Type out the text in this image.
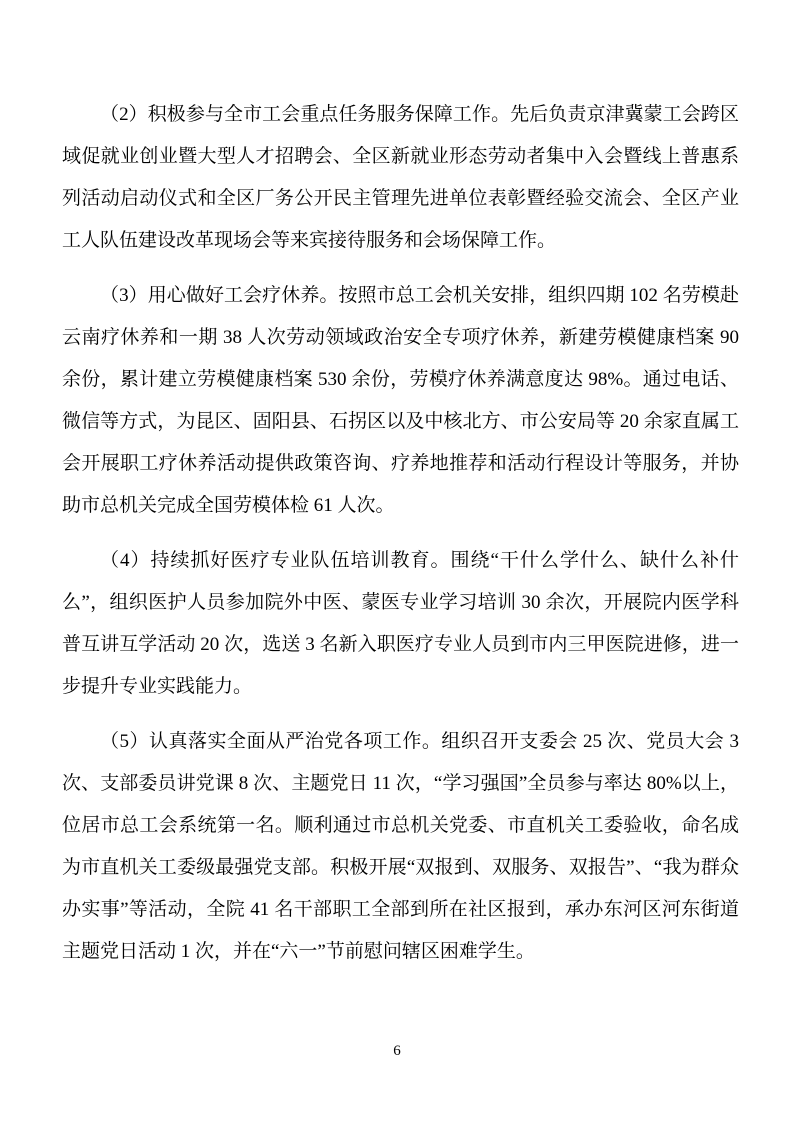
（2）积极参与全市工会重点任务服务保障工作。先后负责京津冀蒙工会跨区域促就业创业暨大型人才招聘会、全区新就业形态劳动者集中入会暨线上普惠系列活动启动仪式和全区厂务公开民主管理先进单位表彰暨经验交流会、全区产业工人队伍建设改革现场会等来宾接待服务和会场保障工作。

（3）用心做好工会疗休养。按照市总工会机关安排，组织四期 102 名劳模赴云南疗休养和一期 38 人次劳动领域政治安全专项疗休养，新建劳模健康档案 90 余份，累计建立劳模健康档案 530 余份，劳模疗休养满意度达 98%。通过电话、微信等方式，为昆区、固阳县、石拐区以及中核北方、市公安局等 20 余家直属工会开展职工疗休养活动提供政策咨询、疗养地推荐和活动行程设计等服务，并协助市总机关完成全国劳模体检 61 人次。

（4）持续抓好医疗专业队伍培训教育。围绕“干什么学什么、缺什么补什么”，组织医护人员参加院外中医、蒙医专业学习培训 30 余次，开展院内医学科普互讲互学活动 20 次，选送 3 名新入职医疗专业人员到市内三甲医院进修，进一步提升专业实践能力。

（5）认真落实全面从严治党各项工作。组织召开支委会 25 次、党员大会 3 次、支部委员讲党课 8 次、主题党日 11 次，“学习强国”全员参与率达 80%以上，位居市总工会系统第一名。顺利通过市总机关党委、市直机关工委验收，命名成为市直机关工委级最强党支部。积极开展“双报到、双服务、双报告”、“我为群众办实事”等活动，全院 41 名干部职工全部到所在社区报到，承办东河区河东街道主题党日活动 1 次，并在“六一”节前慰问辖区困难学生。

6
